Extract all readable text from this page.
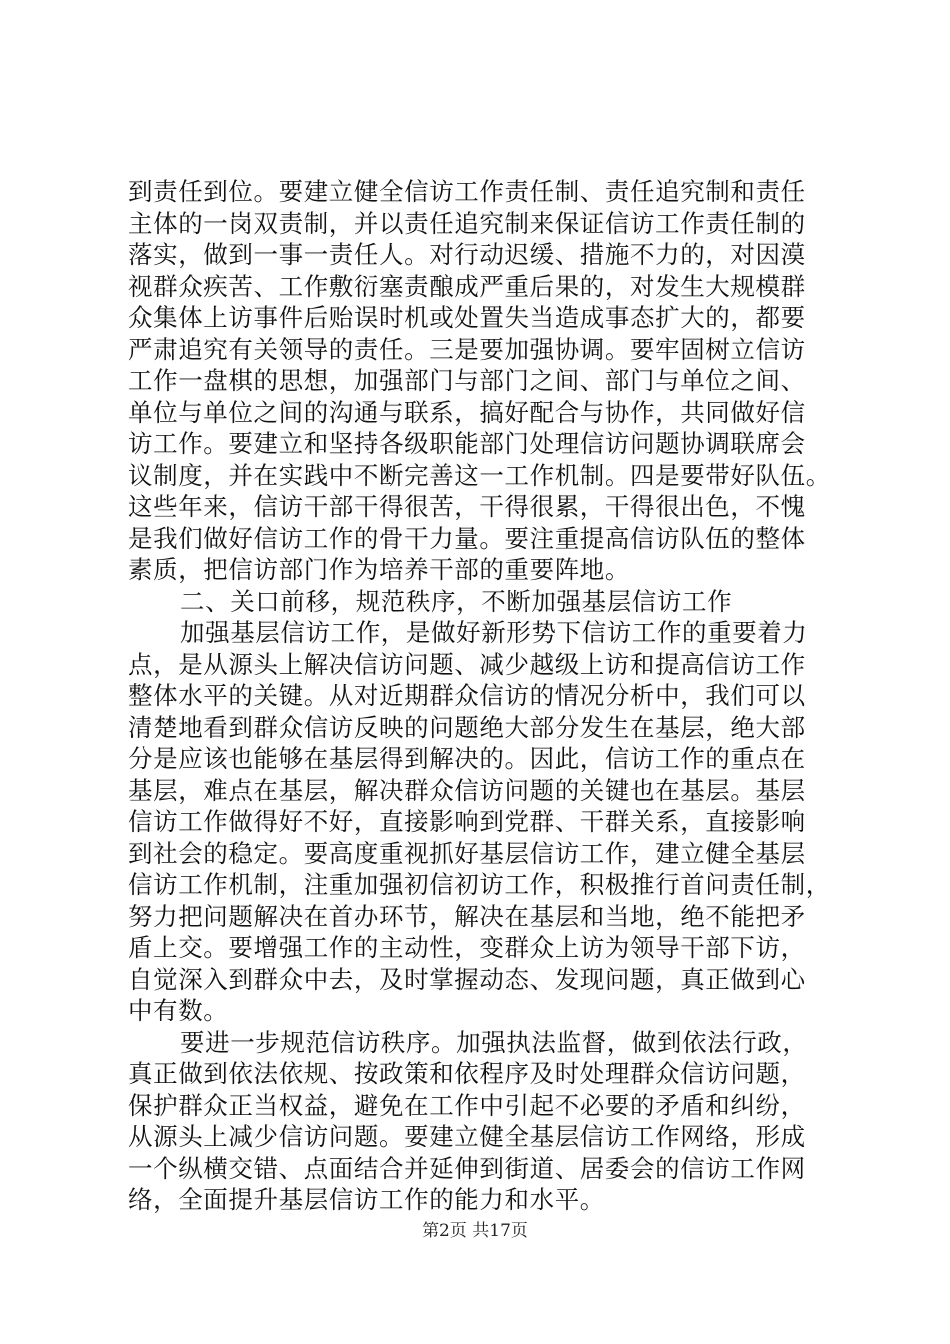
到责任到位。要建立健全信访工作责任制、责任追究制和责任
主体的一岗双责制，并以责任追究制来保证信访工作责任制的
落实，做到一事一责任人。对行动迟缓、措施不力的，对因漠
视群众疾苦、工作敷衍塞责酿成严重后果的，对发生大规模群
众集体上访事件后贻误时机或处置失当造成事态扩大的，都要
严肃追究有关领导的责任。三是要加强协调。要牢固树立信访
工作一盘棋的思想，加强部门与部门之间、部门与单位之间、
单位与单位之间的沟通与联系，搞好配合与协作，共同做好信
访工作。要建立和坚持各级职能部门处理信访问题协调联席会
议制度，并在实践中不断完善这一工作机制。四是要带好队伍。
这些年来，信访干部干得很苦，干得很累，干得很出色，不愧
是我们做好信访工作的骨干力量。要注重提高信访队伍的整体
素质，把信访部门作为培养干部的重要阵地。
二、关口前移，规范秩序，不断加强基层信访工作
加强基层信访工作，是做好新形势下信访工作的重要着力
点，是从源头上解决信访问题、减少越级上访和提高信访工作
整体水平的关键。从对近期群众信访的情况分析中，我们可以
清楚地看到群众信访反映的问题绝大部分发生在基层，绝大部
分是应该也能够在基层得到解决的。因此，信访工作的重点在
基层，难点在基层，解决群众信访问题的关键也在基层。基层
信访工作做得好不好，直接影响到党群、干群关系，直接影响
到社会的稳定。要高度重视抓好基层信访工作，建立健全基层
信访工作机制，注重加强初信初访工作，积极推行首问责任制，
努力把问题解决在首办环节，解决在基层和当地，绝不能把矛
盾上交。要增强工作的主动性，变群众上访为领导干部下访，
自觉深入到群众中去，及时掌握动态、发现问题，真正做到心
中有数。
要进一步规范信访秩序。加强执法监督，做到依法行政，
真正做到依法依规、按政策和依程序及时处理群众信访问题，
保护群众正当权益，避免在工作中引起不必要的矛盾和纠纷，
从源头上减少信访问题。要建立健全基层信访工作网络，形成
一个纵横交错、点面结合并延伸到街道、居委会的信访工作网
络，全面提升基层信访工作的能力和水平。
第2页 共17页
